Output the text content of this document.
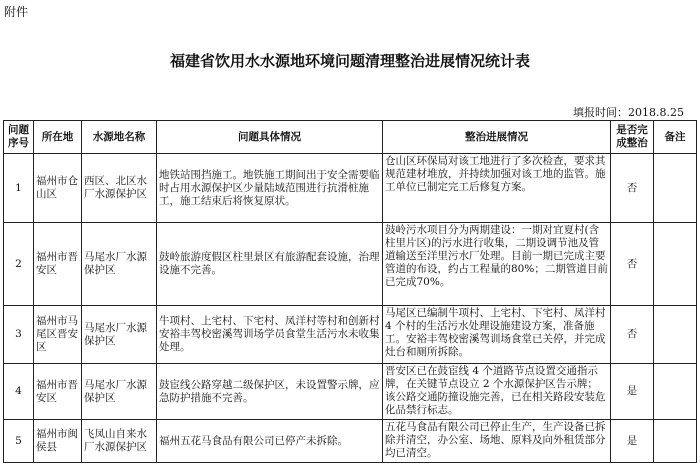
附件
福建省饮用水水源地环境问题清理整治进展情况统计表
填报时间：2018.8.25
问题序号	所在地	水源地名称	问题具体情况	整治进展情况	是否完成整治	备注
1	福州市仓山区	西区、北区水厂水源保护区	地铁站围挡施工。地铁施工期间出于安全需要临时占用水源保护区少量陆域范围进行抗滑桩施工，施工结束后将恢复原状。	仓山区环保局对该工地进行了多次检查，要求其规范建材堆放，并持续加强对该工地的监管。施工单位已制定完工后修复方案。	否	
2	福州市晋安区	马尾水厂水源保护区	鼓岭旅游度假区柱里景区有旅游配套设施，治理设施不完善。	鼓岭污水项目分为两期建设：一期对宜夏村(含柱里片区)的污水进行收集，二期设调节池及管道输送至洋里污水厂处理。目前一期已完成主要管道的布设，约占工程量的80%；二期管道目前已完成70%。	否	
3	福州市马尾区晋安区	马尾水厂水源保护区	牛项村、上宅村、下宅村、凤洋村等村和创新村安裕丰驾校密溪驾训场学员食堂生活污水未收集处理。	马尾区已编制牛项村、上宅村、下宅村、凤洋村 4 个村的生活污水处理设施建设方案，准备施工。安裕丰驾校密溪驾训场食堂已关停，并完成灶台和厕所拆除。	否	
4	福州市晋安区	马尾水厂水源保护区	鼓宦线公路穿越二级保护区，未设置警示牌，应急防护措施不完善。	晋安区已在鼓宦线 4 个道路节点设置交通指示牌，在关键节点设立 2 个水源保护区告示牌；该公路交通防撞设施完善，已在相关路段安装危化品禁行标志。	是	
5	福州市闽侯县	飞凤山自来水厂水源保护区	福州五花马食品有限公司已停产未拆除。	五花马食品有限公司已停止生产，生产设备已拆除并清空，办公室、场地、原料及向外租赁部分均已清空。	是	
